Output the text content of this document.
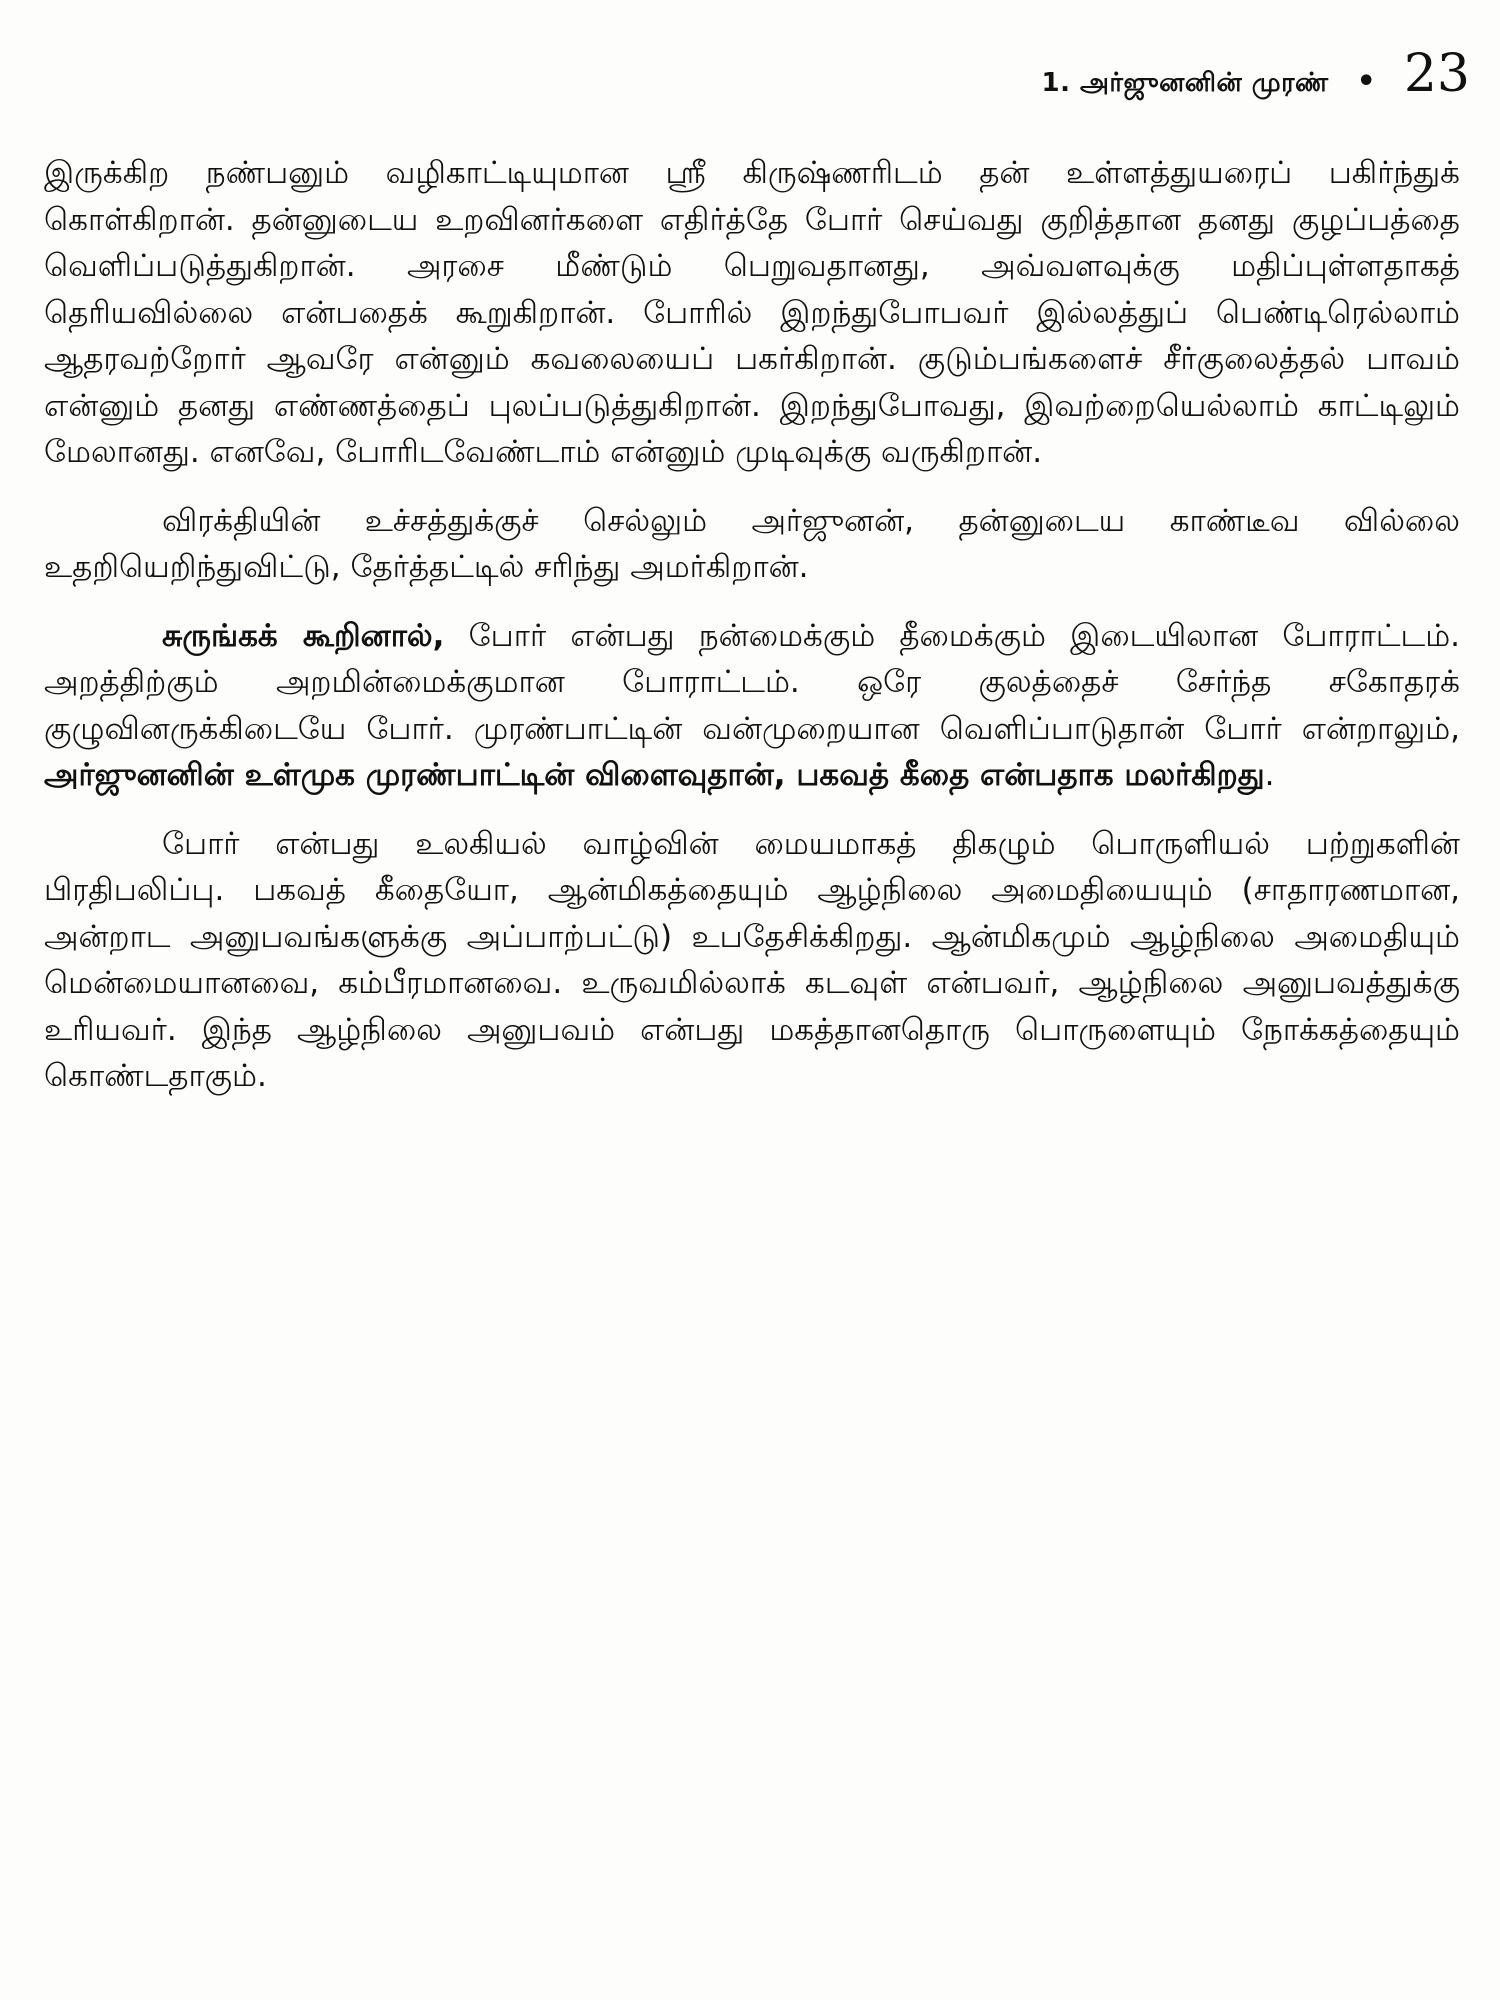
1. அர்ஜுனனின் முரண் • 23

இருக்கிற நண்பனும் வழிகாட்டியுமான ஸ்ரீ கிருஷ்ணரிடம் தன் உள்ளத்துயரைப் பகிர்ந்துக் கொள்கிறான். தன்னுடைய உறவினர்களை எதிர்த்தே போர் செய்வது குறித்தான தனது குழப்பத்தை வெளிப்படுத்துகிறான். அரசை மீண்டும் பெறுவதானது, அவ்வளவுக்கு மதிப்புள்ளதாகத் தெரியவில்லை என்பதைக் கூறுகிறான். போரில் இறந்துபோபவர் இல்லத்துப் பெண்டிரெல்லாம் ஆதரவற்றோர் ஆவரே என்னும் கவலையைப் பகர்கிறான். குடும்பங்களைச் சீர்குலைத்தல் பாவம் என்னும் தனது எண்ணத்தைப் புலப்படுத்துகிறான். இறந்துபோவது, இவற்றையெல்லாம் காட்டிலும் மேலானது. எனவே, போரிடவேண்டாம் என்னும் முடிவுக்கு வருகிறான்.

விரக்தியின் உச்சத்துக்குச் செல்லும் அர்ஜுனன், தன்னுடைய காண்டீவ வில்லை உதறியெறிந்துவிட்டு, தேர்த்தட்டில் சரிந்து அமர்கிறான்.

சுருங்கக் கூறினால், போர் என்பது நன்மைக்கும் தீமைக்கும் இடையிலான போராட்டம். அறத்திற்கும் அறமின்மைக்குமான போராட்டம். ஒரே குலத்தைச் சேர்ந்த சகோதரக் குழுவினருக்கிடையே போர். முரண்பாட்டின் வன்முறையான வெளிப்பாடுதான் போர் என்றாலும், அர்ஜுனனின் உள்முக முரண்பாட்டின் விளைவுதான், பகவத் கீதை என்பதாக மலர்கிறது.

போர் என்பது உலகியல் வாழ்வின் மையமாகத் திகழும் பொருளியல் பற்றுகளின் பிரதிபலிப்பு. பகவத் கீதையோ, ஆன்மிகத்தையும் ஆழ்நிலை அமைதியையும் (சாதாரணமான, அன்றாட அனுபவங்களுக்கு அப்பாற்பட்டு) உபதேசிக்கிறது. ஆன்மிகமும் ஆழ்நிலை அமைதியும் மென்மையானவை, கம்பீரமானவை. உருவமில்லாக் கடவுள் என்பவர், ஆழ்நிலை அனுபவத்துக்கு உரியவர். இந்த ஆழ்நிலை அனுபவம் என்பது மகத்தானதொரு பொருளையும் நோக்கத்தையும் கொண்டதாகும்.
